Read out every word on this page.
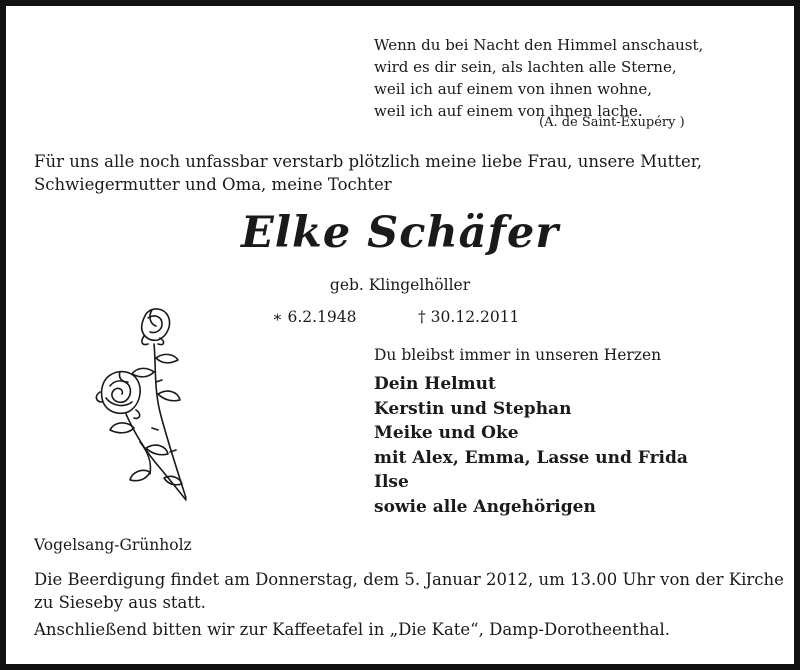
Wenn du bei Nacht den Himmel anschaust,
wird es dir sein, als lachten alle Sterne,
weil ich auf einem von ihnen wohne,
weil ich auf einem von ihnen lache.
(A. de Saint-Exupéry )
Für uns alle noch unfassbar verstarb plötzlich meine liebe Frau, unsere Mutter,
Schwiegermutter und Oma, meine Tochter
Elke Schäfer
geb. Klingelhöller
∗ 6.2.1948	† 30.12.2011
Du bleibst immer in unseren Herzen
Dein Helmut
Kerstin und Stephan
Meike und Oke
mit Alex, Emma, Lasse und Frida
Ilse
sowie alle Angehörigen
Vogelsang-Grünholz
Die Beerdigung findet am Donnerstag, dem 5. Januar 2012, um 13.00 Uhr von der Kirche
zu Sieseby aus statt.
Anschließend bitten wir zur Kaffeetafel in „Die Kate“, Damp-Dorotheenthal.
